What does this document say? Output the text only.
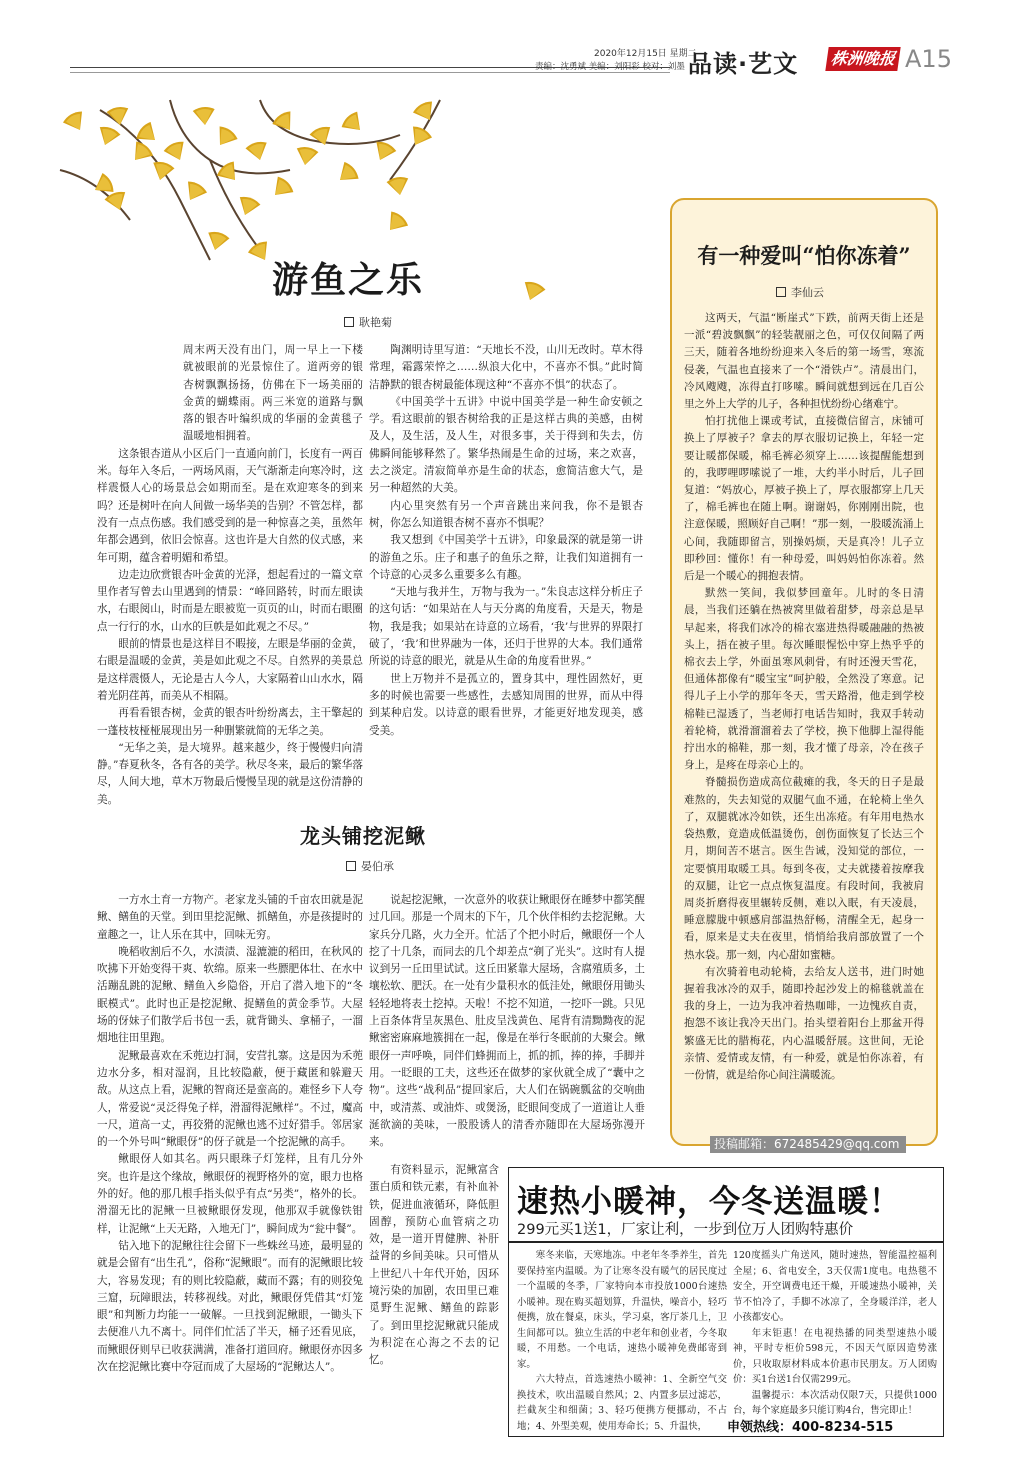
2020年12月15日 星期二
责编：沈勇斌 美编：刘阳彩 校对：刘墨 品读·艺文 株洲晚报 A15
游鱼之乐
耿艳菊

周末两天没有出门，周一早上一下楼就被眼前的光景惊住了。道两旁的银杏树飘飘扬扬，仿佛在下一场美丽的金黄的蝴蝶雨。两三米宽的道路与飘落的银杏叶编织成的华丽的金黄毯子温暖地相拥着。

这条银杏道从小区后门一直通向前门，长度有一两百米。每年入冬后，一两场风雨，天气渐渐走向寒冷时，这样震慑人心的场景总会如期而至。是在欢迎寒冬的到来吗？还是树叶在向人间做一场华美的告别？不管怎样，都没有一点点伤感。我们感受到的是一种惊喜之美，虽然年年都会遇到，依旧会惊喜。这也许是大自然的仪式感，来年可期，蕴含着明媚和希望。

边走边欣赏银杏叶金黄的光泽，想起看过的一篇文章里作者写曾去山里遇到的情景：“峰回路转，时而左眼读水，右眼阅山，时而是左眼被览一页页的山，时而右眼圈点一行行的水，山水的巨帙是如此观之不尽。”

眼前的情景也是这样目不暇接，左眼是华丽的金黄，右眼是温暖的金黄，美是如此观之不尽。自然界的美景总是这样震慑人，无论是古人今人，大家隔着山山水水，隔着光阴荏苒，而美从不相隔。

再看看银杏树，金黄的银杏叶纷纷离去，主干擎起的一蓬枝枝桠桠展现出另一种删繁就简的无华之美。

“无华之美，是大境界。越来越少，终于慢慢归向清静。”春夏秋冬，各有各的美学。秋尽冬来，最后的繁华落尽，人间大地，草木万物最后慢慢呈现的就是这份清静的美。

陶渊明诗里写道：“天地长不没，山川无改时。草木得常理，霜露荣悴之……纵浪大化中，不喜亦不惧。”此时简洁静默的银杏树最能体现这种“不喜亦不惧”的状态了。

《中国美学十五讲》中说中国美学是一种生命安顿之学。看这眼前的银杏树给我的正是这样古典的美感，由树及人，及生活，及人生，对很多事，关于得到和失去，仿佛瞬间能够释然了。繁华热闹是生命的过场，来之欢喜，去之淡定。清寂简单亦是生命的状态，愈简洁愈大气，是另一种超然的大美。

内心里突然有另一个声音跳出来问我，你不是银杏树，你怎么知道银杏树不喜亦不惧呢？

我又想到《中国美学十五讲》，印象最深的就是第一讲的游鱼之乐。庄子和惠子的鱼乐之辩，让我们知道拥有一个诗意的心灵多么重要多么有趣。

“天地与我并生，万物与我为一。”朱良志这样分析庄子的这句话：“如果站在人与天分离的角度看，天是天，物是物，我是我；如果站在诗意的立场看，‘我’与世界的界限打破了，‘我’和世界融为一体，还归于世界的大本。我们通常所说的诗意的眼光，就是从生命的角度看世界。”

世上万物并不是孤立的，置身其中，理性固然好，更多的时候也需要一些感性，去感知周围的世界，而从中得到某种启发。以诗意的眼看世界，才能更好地发现美，感受美。

龙头铺挖泥鳅
晏伯承

一方水土育一方物产。老家龙头铺的千亩农田就是泥鳅、鳝鱼的天堂。到田里挖泥鳅、抓鳝鱼，亦是孩提时的童趣之一，让人乐在其中，回味无穷。

晚稻收割后不久，水渍渍、湿漉漉的稻田，在秋风的吹拂下开始变得干爽、软绵。原来一些膘肥体壮、在水中活蹦乱跳的泥鳅、鳝鱼入乡隐俗，开启了潜入地下的“冬眠模式”。此时也正是挖泥鳅、捉鳝鱼的黄金季节。大屋场的伢妹子们散学后书包一丢，就背锄头、拿桶子，一溜烟地往田里跑。

泥鳅最喜欢在禾蔸边打洞，安营扎寨。这是因为禾蔸边水分多，相对湿润，且比较隐蔽，便于藏匿和躲避天敌。从这点上看，泥鳅的智商还是蛮高的。难怪乡下人夸人，常爱说“灵泛得兔子样，滑溜得泥鳅样”。不过，魔高一尺，道高一丈，再狡猾的泥鳅也逃不过好猎手。邻居家的一个外号叫“鳅眼伢”的伢子就是一个挖泥鳅的高手。

鳅眼伢人如其名。两只眼珠子灯笼样，且有几分外突。也许是这个缘故，鳅眼伢的视野格外的宽，眼力也格外的好。他的那几根手指头似乎有点“另类”，格外的长。滑溜无比的泥鳅一旦被鳅眼伢发现，他那双手就像铁钳样，让泥鳅“上天无路，入地无门”，瞬间成为“瓮中餐”。

钻入地下的泥鳅往往会留下一些蛛丝马迹，最明显的就是会留有“出生孔”，俗称“泥鳅眼”。而有的泥鳅眼比较大，容易发现；有的则比较隐蔽，藏而不露；有的则狡兔三窟，玩障眼法，转移视线。对此，鳅眼伢凭借其“灯笼眼”和判断力均能一一破解。一旦找到泥鳅眼，一锄头下去便准八九不离十。同伴们忙活了半天，桶子还看见底，而鳅眼伢则早已收获满满，准备打道回府。鳅眼伢亦因多次在挖泥鳅比赛中夺冠而成了大屋场的“泥鳅达人”。

说起挖泥鳅，一次意外的收获让鳅眼伢在睡梦中都笑醒过几回。那是一个周末的下午，几个伙伴相约去挖泥鳅。大家兵分几路，火力全开。忙活了个把小时后，鳅眼伢一个人挖了十几条，而同去的几个却差点“剃了光头”。这时有人提议到另一丘田里试试。这丘田紧靠大屋场，含腐殖质多，土壤松软、肥沃。在一处有少量积水的低洼处，鳅眼伢用锄头轻轻地将表土挖掉。天啦！不挖不知道，一挖吓一跳。只见上百条体背呈灰黑色、肚皮呈浅黄色、尾背有清黝黝夜的泥鳅密密麻麻地簇拥在一起，像是在举行冬眠前的大聚会。鳅眼伢一声呼唤，同伴们蜂拥而上，抓的抓，捧的捧，手脚并用。一眨眼的工夫，这些还在做梦的家伙就全成了“囊中之物”。这些“战利品”提回家后，大人们在锅碗瓢盆的交响曲中，或清蒸、或油炸、或煲汤，眨眼间变成了一道道让人垂涎欲滴的美味，一股股诱人的清香亦随即在大屋场弥漫开来。

有资料显示，泥鳅富含蛋白质和铁元素，有补血补铁，促进血液循环，降低胆固醇，预防心血管病之功效，是一道开胃健脾、补肝益肾的乡间美味。只可惜从上世纪八十年代开始，因环境污染的加剧，农田里已难觅野生泥鳅、鳝鱼的踪影了。到田里挖泥鳅就只能成为积淀在心海之不去的记忆。

有一种爱叫“怕你冻着”
李仙云

这两天，气温“断崖式”下跌，前两天街上还是一派“碧波飘飘”的轻装靓丽之色，可仅仅间隔了两三天，随着各地纷纷迎来入冬后的第一场雪，寒流侵袭，气温也直接来了一个“滑铁卢”。清晨出门，冷风飕飕，冻得直打哆嗦。瞬间就想到远在几百公里之外上大学的儿子，各种担忧纷纷心绪难宁。

怕打扰他上课或考试，直接微信留言，床铺可换上了厚被子？拿去的厚衣服切记换上，年轻一定要让暖都保暖，棉毛裤必须穿上……该提醒能想到的，我啰哩啰嗦说了一堆，大约半小时后，儿子回复道：“妈放心，厚被子换上了，厚衣服都穿上几天了，棉毛裤也在随上啊。谢谢妈，你刚刚出院，也注意保暖，照顾好自己啊！”那一刻，一股暖流涌上心间，我随即留言，别操妈烦，天是真冷！儿子立即秒回：懂你！有一种母爱，叫妈妈怕你冻着。然后是一个暖心的拥抱表情。

默然一笑间，我似梦回童年。儿时的冬日清晨，当我们还躺在热被窝里做着甜梦，母亲总是早早起来，将我们冰冷的棉衣塞进热得暖融融的热被头上，捂在被子里。每次睡眼惺忪中穿上热乎乎的棉衣去上学，外面虽寒风刺骨，有时还漫天雪花，但通体都像有“暖宝宝”呵护般，全然没了寒意。记得儿子上小学的那年冬天，雪天路滑，他走到学校棉鞋已湿透了，当老师打电话告知时，我双手转动着轮椅，就滑溜溜着去了学校，换下他脚上湿得能拧出水的棉鞋，那一刻，我才懂了母亲，冷在孩子身上，是疼在母亲心上的。

脊髓损伤造成高位截瘫的我，冬天的日子是最难熬的，失去知觉的双腿气血不通，在轮椅上坐久了，双腿就冰冷如铁，还生出冻疮。有年用电热水袋热敷，竟造成低温烫伤，创伤面恢复了长达三个月，期间苦不堪言。医生告诫，没知觉的部位，一定要慎用取暖工具。每到冬夜，丈夫就搂着按摩我的双腿，让它一点点恢复温度。有段时间，我被肩周炎折磨得夜里辗转反侧，难以入眠，有天凌晨，睡意朦胧中顿感肩部温热舒畅，清醒全无，起身一看，原来是丈夫在夜里，悄悄给我肩部放置了一个热水袋。那一刻，内心甜如蜜糖。

有次骑着电动轮椅，去给友人送书，进门时她握着我冰冷的双手，随即拎起沙发上的棉毯就盖在我的身上，一边为我冲着热咖啡，一边愧疚自责，抱怨不该让我冷天出门。抬头望着阳台上那盆开得繁盛无比的腊梅花，内心温暖舒展。这世间，无论亲情、爱情或友情，有一种爱，就是怕你冻着，有一份情，就是给你心间注满暖流。

投稿邮箱：672485429@qq.com
速热小暖神，今冬送温暖！
299元买1送1，厂家让利，一步到位万人团购特惠价

寒冬来临，天寒地冻。中老年冬季养生，首先要保持室内温暖。为了让寒冬没有暖气的居民度过一个温暖的冬季，厂家特向本市投放1000台速热小暖神。现在购买超划算，升温快，噪音小，轻巧便携，放在餐桌，床头，学习桌，客厅茶几上，卫生间都可以。独立生活的中老年和创业者，今冬取暖，不用愁。一个电话，速热小暖神免费邮寄到家。

六大特点，首选速热小暖神：1、全新空气交换技术，吹出温暖自然风；2、内置多层过滤芯，拦截灰尘和细菌；3、轻巧便携方便挪动，不占地；4、外型美观，使用寿命长；5、升温快，

120度摇头广角送风，随时速热，智能温控福利全屋；6、省电安全，3天仅需1度电。电热毯不安全，开空调费电还干燥，开暖速热小暖神，关节不怕冷了，手脚不冰凉了，全身暖洋洋，老人小孩都安心。

年末钜惠！在电视热播的同类型速热小暖神，平时专柜价598元，不因天气原因造势涨价，只收取原材料成本价惠市民朋友。万人团购价：买1台送1台仅需299元。

温馨提示：本次活动仅限7天，只提供1000台，每个家庭最多只能订购4台，售完即止！

申领热线：400-8234-515
